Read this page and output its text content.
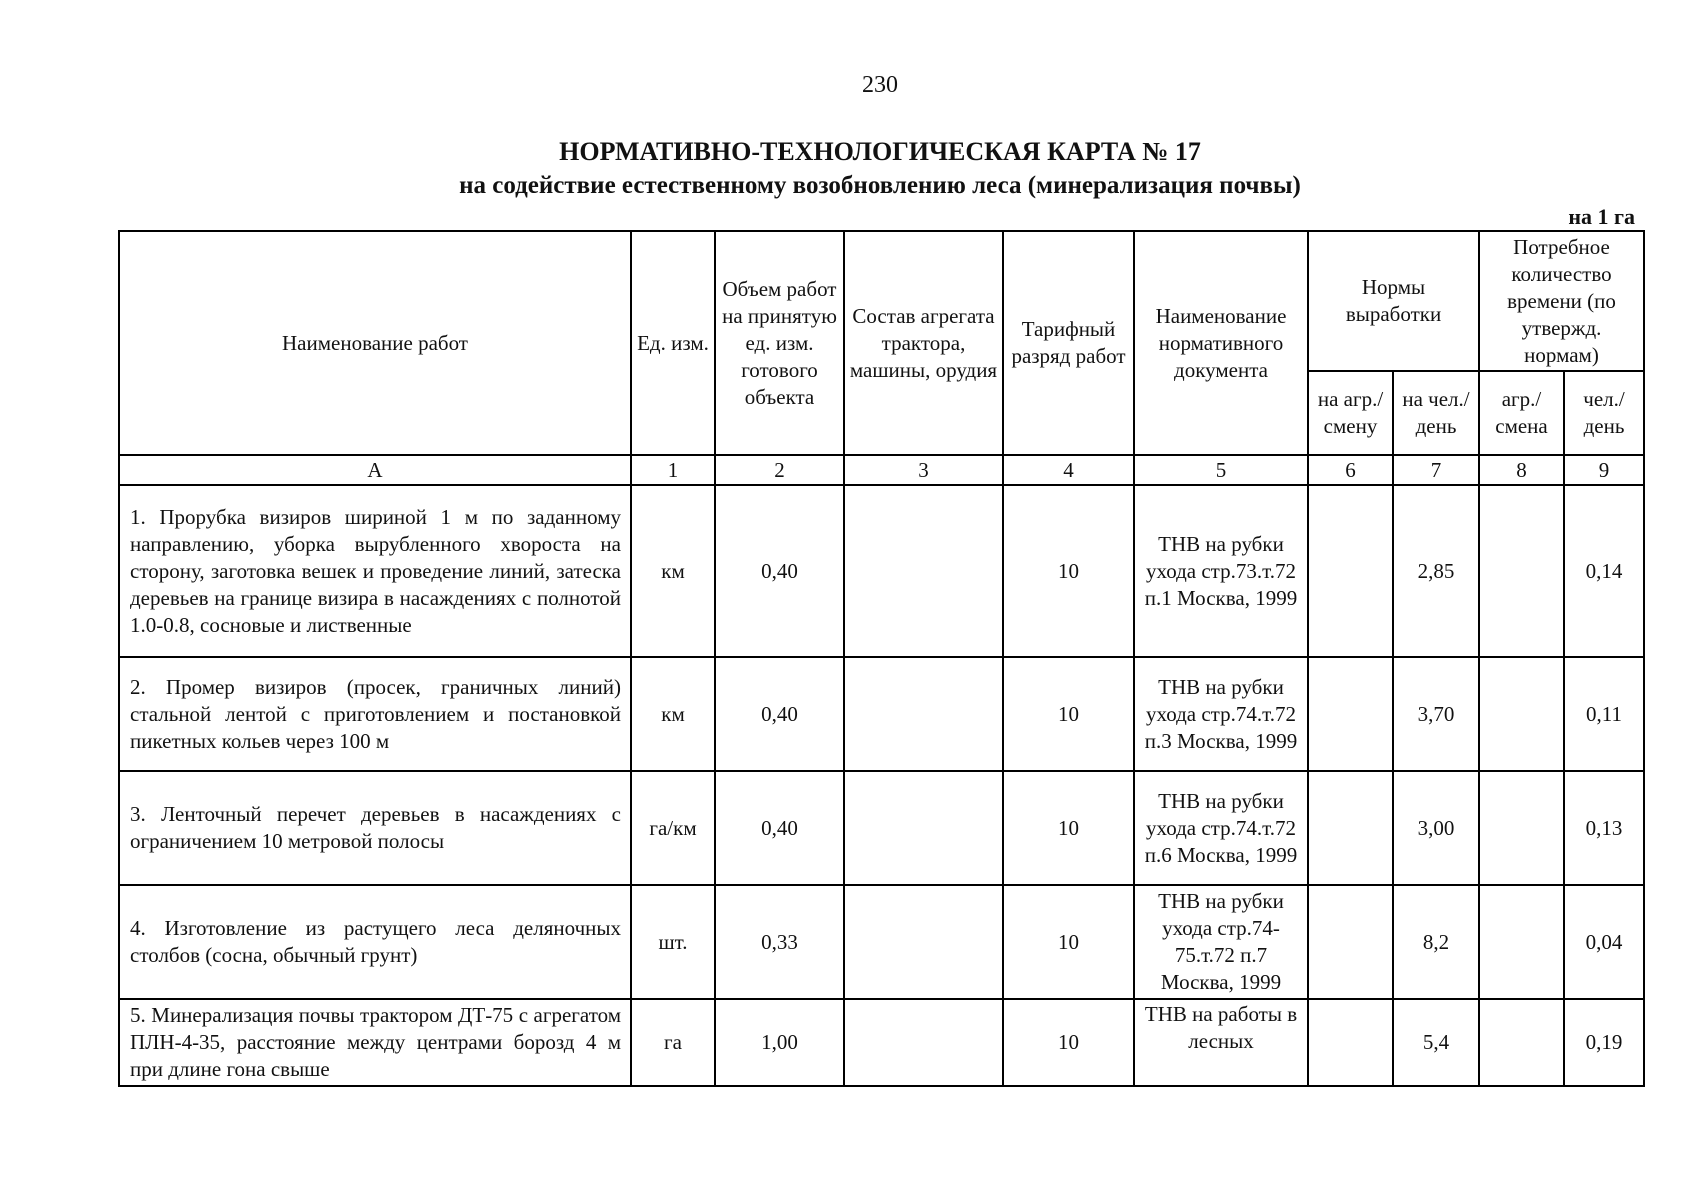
230
НОРМАТИВНО-ТЕХНОЛОГИЧЕСКАЯ КАРТА № 17
на содействие естественному возобновлению леса (минерализация почвы)
на 1 га
Наименование работ	Ед. изм.	Объем работ на принятую ед. изм. готового объекта	Состав агрегата трактора, машины, орудия	Тарифный разряд работ	Наименование нормативного документа	Нормы выработки		Потребное количество времени (по утвержд. нормам)	
						на агр./ смену	на чел./ день	агр./ смена	чел./ день
А	1	2	3	4	5	6	7	8	9
1. Прорубка визиров шириной 1 м по заданному направлению, уборка вырубленного хвороста на сторону, заготовка вешек и проведение линий, затеска деревьев на границе визира в насаждениях с полнотой 1.0-0.8, сосновые и лиственные	км	0,40		10	ТНВ на рубки ухода стр.73.т.72 п.1 Москва, 1999		2,85		0,14
2. Промер визиров (просек, граничных линий) стальной лентой с приготовлением и постановкой пикетных кольев через 100 м	км	0,40		10	ТНВ на рубки ухода стр.74.т.72 п.3 Москва, 1999		3,70		0,11
3. Ленточный перечет деревьев в насаждениях с ограничением 10 метровой полосы	га/км	0,40		10	ТНВ на рубки ухода стр.74.т.72 п.6 Москва, 1999		3,00		0,13
4. Изготовление из растущего леса деляночных столбов (сосна, обычный грунт)	шт.	0,33		10	ТНВ на рубки ухода стр.74-75.т.72 п.7 Москва, 1999		8,2		0,04
5. Минерализация почвы трактором ДТ-75 с агрегатом ПЛН-4-35, расстояние между центрами борозд 4 м при длине гона свыше	га	1,00		10	ТНВ на работы в лесных		5,4		0,19
